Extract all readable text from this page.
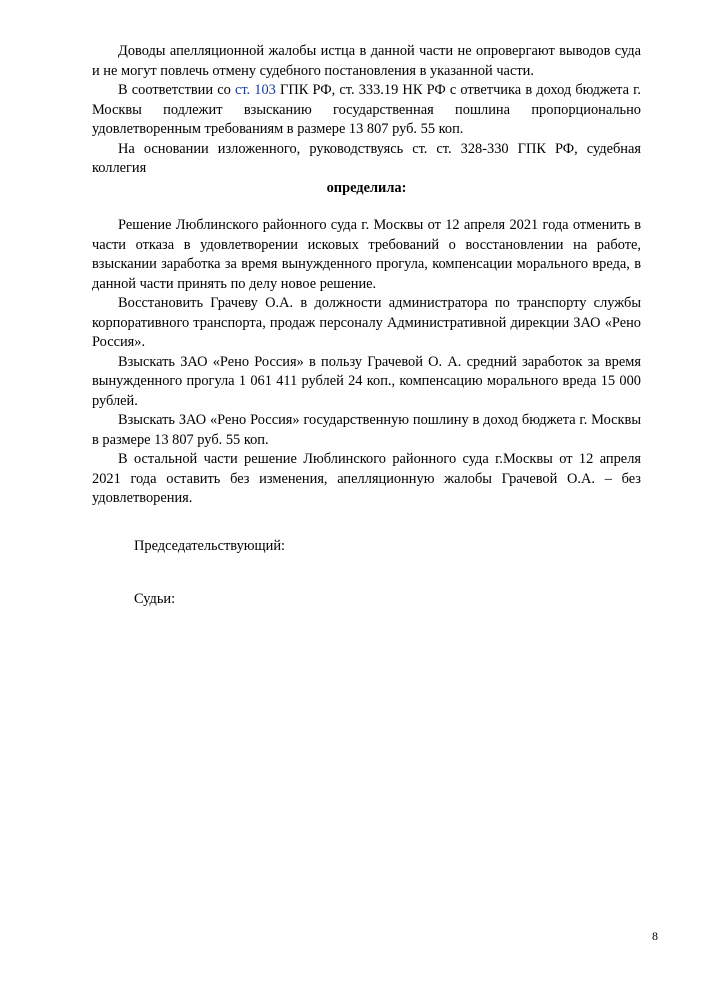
Доводы апелляционной жалобы истца в данной части не опровергают выводов суда и не могут повлечь отмену судебного постановления в указанной части.

В соответствии со ст. 103 ГПК РФ, ст. 333.19 НК РФ с ответчика в доход бюджета г. Москвы подлежит взысканию государственная пошлина пропорционально удовлетворенным требованиям в размере 13 807 руб. 55 коп.

На основании изложенного, руководствуясь ст. ст. 328-330 ГПК РФ, судебная коллегия

определила:

Решение Люблинского районного суда г. Москвы от 12 апреля 2021 года отменить в части отказа в удовлетворении исковых требований о восстановлении на работе, взыскании заработка за время вынужденного прогула, компенсации морального вреда, в данной части принять по делу новое решение.

Восстановить Грачеву О.А. в должности администратора по транспорту службы корпоративного транспорта, продаж персоналу Административной дирекции ЗАО «Рено Россия».

Взыскать ЗАО «Рено Россия» в пользу Грачевой О. А. средний заработок за время вынужденного прогула 1 061 411 рублей 24 коп., компенсацию морального вреда 15 000 рублей.

Взыскать ЗАО «Рено Россия» государственную пошлину в доход бюджета г. Москвы в размере 13 807 руб. 55 коп.

В остальной части решение Люблинского районного суда г.Москвы от 12 апреля 2021 года оставить без изменения, апелляционную жалобы Грачевой О.А. – без удовлетворения.

Председательствующий:
Судьи:
8
